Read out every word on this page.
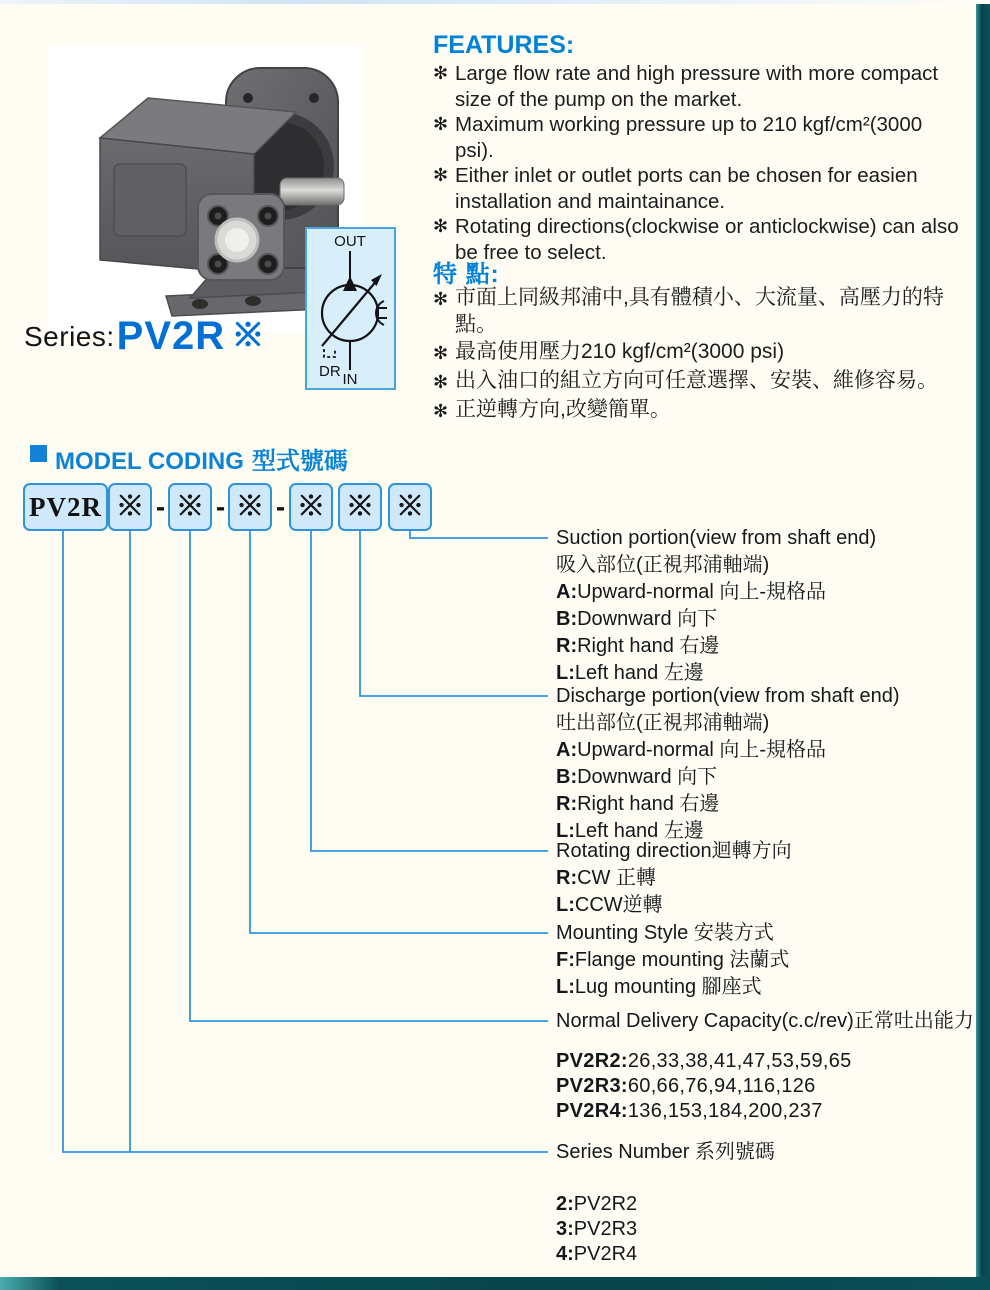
Series: PV2R
OUT
DR IN
FEATURES:
✻ Large flow rate and high pressure with more compact size of the pump on the market.
✻ Maximum working pressure up to 210 kgf/cm²(3000 psi).
✻ Either inlet or outlet ports can be chosen for easien installation and maintainance.
✻ Rotating directions(clockwise or anticlockwise) can also be free to select.
特 點:
✻ 市面上同級邦浦中,具有體積小、大流量、高壓力的特點。
✻ 最高使用壓力210 kgf/cm²(3000 psi)
✻ 出入油口的組立方向可任意選擇、安裝、維修容易。
✻ 正逆轉方向,改變簡單。
MODEL CODING 型式號碼
PV2R - - -
Suction portion(view from shaft end)
吸入部位(正視邦浦軸端)
A:Upward-normal 向上-規格品
B:Downward 向下
R:Right hand 右邊
L:Left hand 左邊
Discharge portion(view from shaft end)
吐出部位(正視邦浦軸端)
A:Upward-normal 向上-規格品
B:Downward 向下
R:Right hand 右邊
L:Left hand 左邊
Rotating direction迴轉方向
R:CW 正轉
L:CCW逆轉
Mounting Style 安裝方式
F:Flange mounting 法蘭式
L:Lug mounting 腳座式
Normal Delivery Capacity(c.c/rev)正常吐出能力
PV2R2:26,33,38,41,47,53,59,65
PV2R3:60,66,76,94,116,126
PV2R4:136,153,184,200,237
Series Number 系列號碼
2:PV2R2
3:PV2R3
4:PV2R4
